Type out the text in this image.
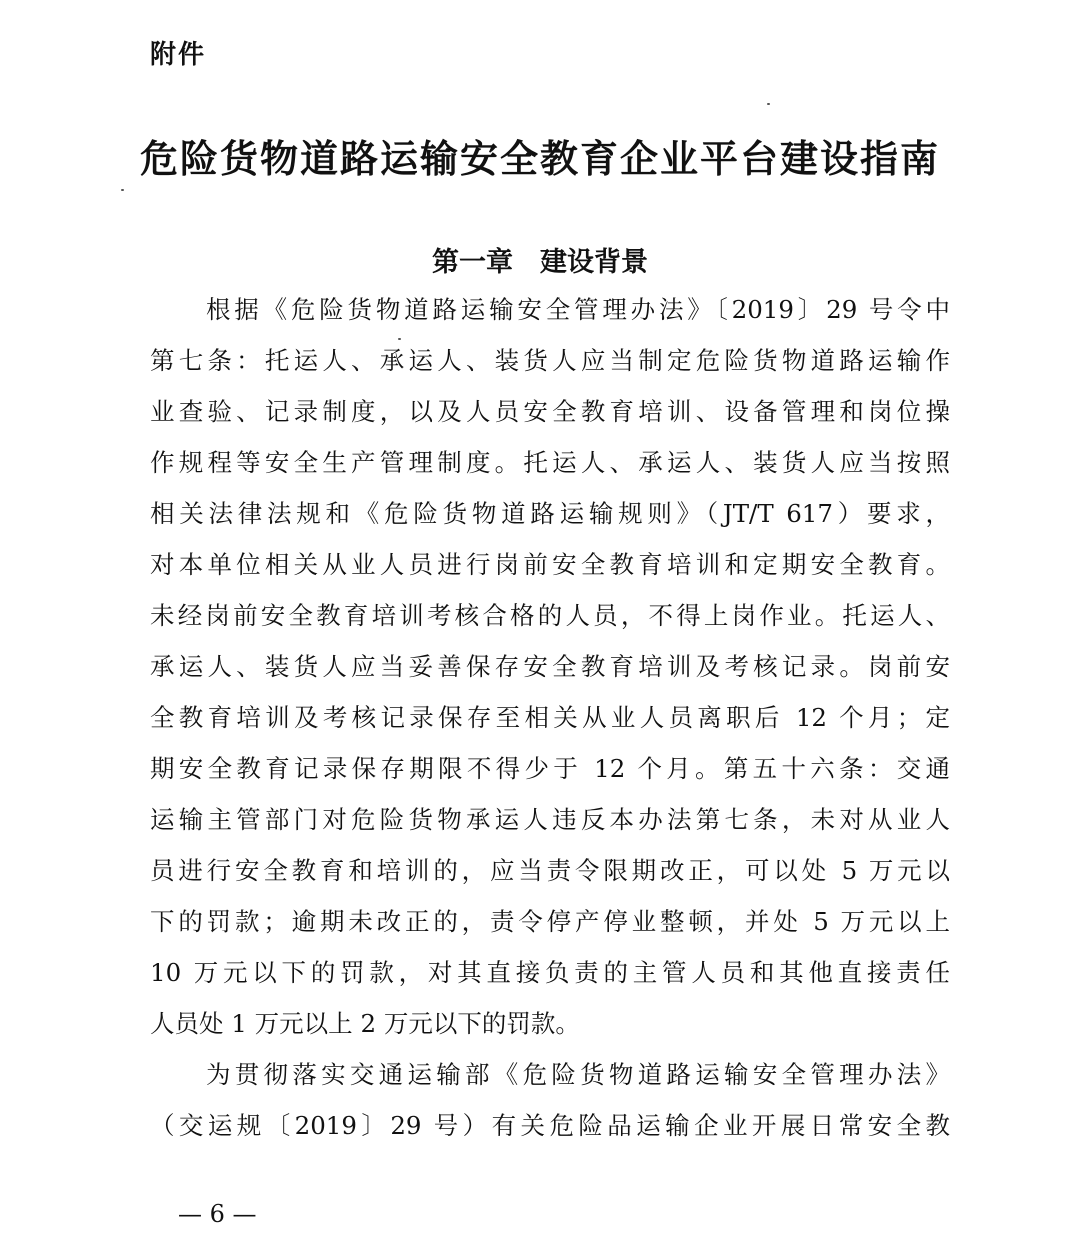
附件
危险货物道路运输安全教育企业平台建设指南
第一章　建设背景
根据《危险货物道路运输安全管理办法》〔2019〕29 号令中
第七条：托运人、承运人、装货人应当制定危险货物道路运输作
业查验、记录制度，以及人员安全教育培训、设备管理和岗位操
作规程等安全生产管理制度。托运人、承运人、装货人应当按照
相关法律法规和《危险货物道路运输规则》（JT/T 617）要求，
对本单位相关从业人员进行岗前安全教育培训和定期安全教育。
未经岗前安全教育培训考核合格的人员，不得上岗作业。托运人、
承运人、装货人应当妥善保存安全教育培训及考核记录。岗前安
全教育培训及考核记录保存至相关从业人员离职后 12 个月；定
期安全教育记录保存期限不得少于 12 个月。第五十六条：交通
运输主管部门对危险货物承运人违反本办法第七条，未对从业人
员进行安全教育和培训的，应当责令限期改正，可以处 5 万元以
下的罚款；逾期未改正的，责令停产停业整顿，并处 5 万元以上
10 万元以下的罚款，对其直接负责的主管人员和其他直接责任
人员处 1 万元以上 2 万元以下的罚款。
为贯彻落实交通运输部《危险货物道路运输安全管理办法》
（交运规〔2019〕29 号）有关危险品运输企业开展日常安全教
— 6 —
